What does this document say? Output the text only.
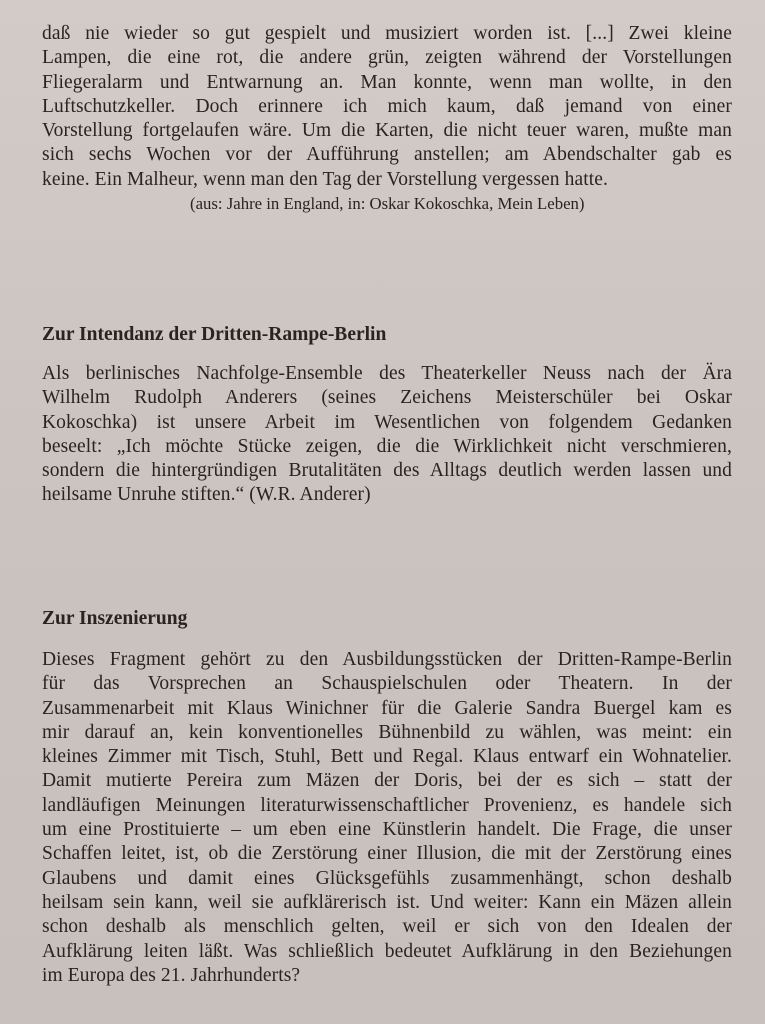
daß nie wieder so gut gespielt und musiziert worden ist. [...] Zwei kleine
Lampen, die eine rot, die andere grün, zeigten während der Vorstellungen
Fliegeralarm und Entwarnung an. Man konnte, wenn man wollte, in den
Luftschutzkeller. Doch erinnere ich mich kaum, daß jemand von einer
Vorstellung fortgelaufen wäre. Um die Karten, die nicht teuer waren, mußte man
sich sechs Wochen vor der Aufführung anstellen; am Abendschalter gab es
keine. Ein Malheur, wenn man den Tag der Vorstellung vergessen hatte.
(aus: Jahre in England, in: Oskar Kokoschka, Mein Leben)
Zur Intendanz der Dritten-Rampe-Berlin
Als berlinisches Nachfolge-Ensemble des Theaterkeller Neuss nach der Ära
Wilhelm Rudolph Anderers (seines Zeichens Meisterschüler bei Oskar
Kokoschka) ist unsere Arbeit im Wesentlichen von folgendem Gedanken
beseelt: „Ich möchte Stücke zeigen, die die Wirklichkeit nicht verschmieren,
sondern die hintergründigen Brutalitäten des Alltags deutlich werden lassen und
heilsame Unruhe stiften.“ (W.R. Anderer)
Zur Inszenierung
Dieses Fragment gehört zu den Ausbildungsstücken der Dritten-Rampe-Berlin
für das Vorsprechen an Schauspielschulen oder Theatern. In der
Zusammenarbeit mit Klaus Winichner für die Galerie Sandra Buergel kam es
mir darauf an, kein konventionelles Bühnenbild zu wählen, was meint: ein
kleines Zimmer mit Tisch, Stuhl, Bett und Regal. Klaus entwarf ein Wohnatelier.
Damit mutierte Pereira zum Mäzen der Doris, bei der es sich – statt der
landläufigen Meinungen literaturwissenschaftlicher Provenienz, es handele sich
um eine Prostituierte – um eben eine Künstlerin handelt. Die Frage, die unser
Schaffen leitet, ist, ob die Zerstörung einer Illusion, die mit der Zerstörung eines
Glaubens und damit eines Glücksgefühls zusammenhängt, schon deshalb
heilsam sein kann, weil sie aufklärerisch ist. Und weiter: Kann ein Mäzen allein
schon deshalb als menschlich gelten, weil er sich von den Idealen der
Aufklärung leiten läßt. Was schließlich bedeutet Aufklärung in den Beziehungen
im Europa des 21. Jahrhunderts?
